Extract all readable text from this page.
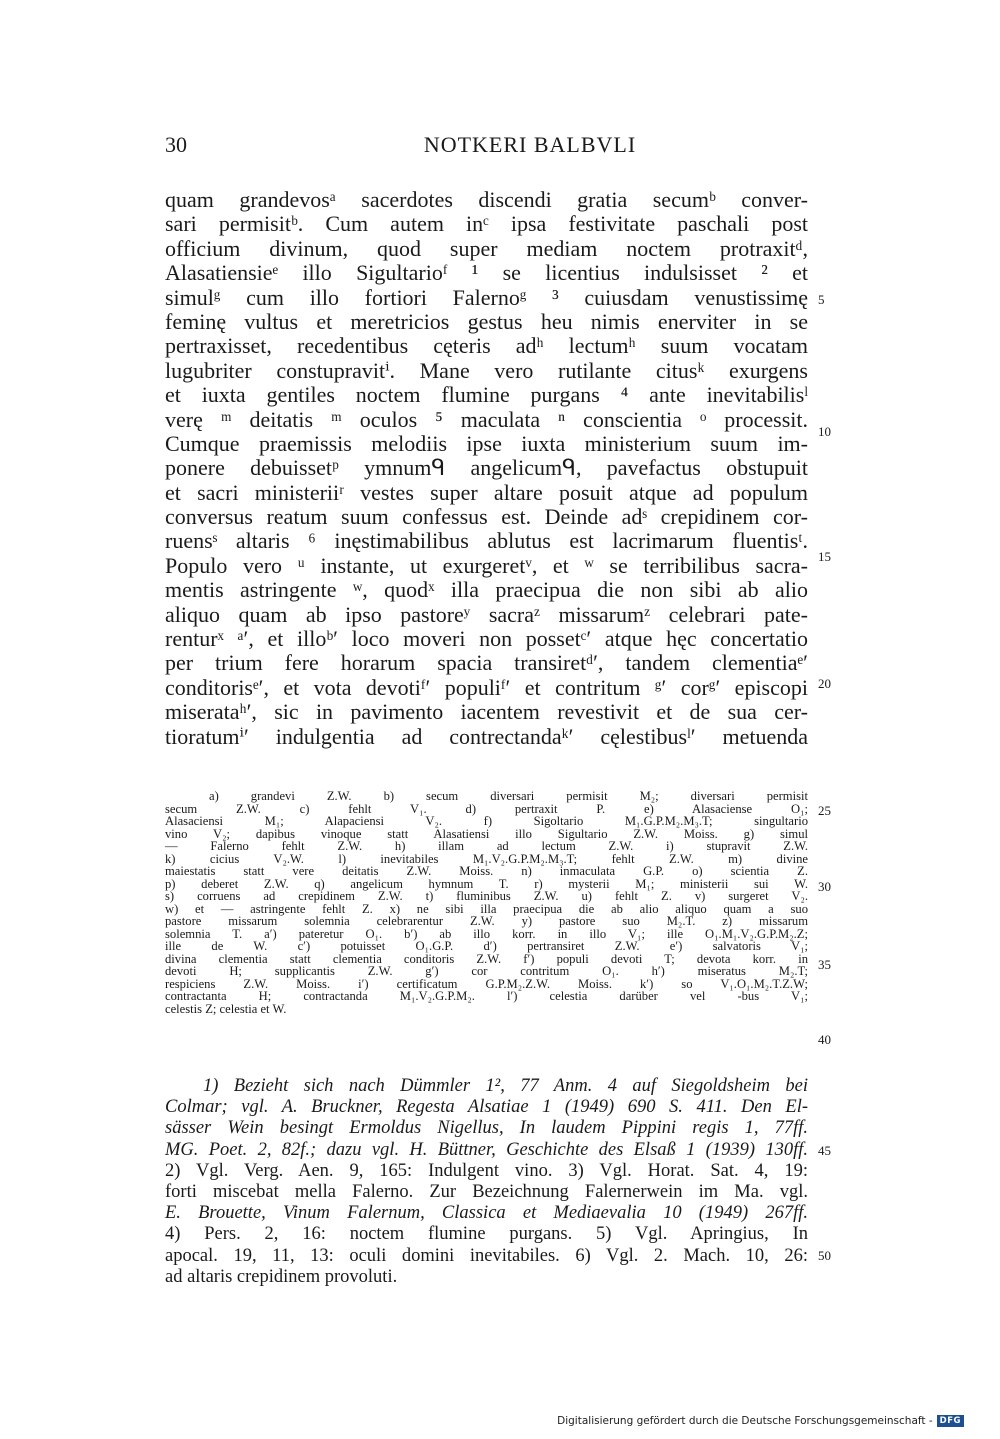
30	NOTKERI BALBVLI
quam grandevosᵃ sacerdotes discendi gratia secumᵇ conver-
sari permisitᵇ. Cum autem inᶜ ipsa festivitate paschali post
officium divinum, quod super mediam noctem protraxitᵈ,
Alasatiensieᵉ illo Sigultarioᶠ ¹ se licentius indulsisset ² et
simulᵍ cum illo fortiori Falernoᵍ ³ cuiusdam venustissimę
feminę vultus et meretricios gestus heu nimis enerviter in se
pertraxisset, recedentibus cęteris adʰ lectumʰ suum vocatam
lugubriter constupravitⁱ. Mane vero rutilante citusᵏ exurgens
et iuxta gentiles noctem flumine purgans ⁴ ante inevitabilisˡ
verę ᵐ deitatis ᵐ oculos ⁵ maculata ⁿ conscientia ᵒ processit.
Cumque praemissis melodiis ipse iuxta ministerium suum im-
ponere debuissetᵖ ymnumᑫ angelicumᑫ, pavefactus obstupuit
et sacri ministeriiʳ vestes super altare posuit atque ad populum
conversus reatum suum confessus est. Deinde adˢ crepidinem cor-
ruensˢ altaris ⁶ inęstimabilibus ablutus est lacrimarum fluentisᵗ.
Populo vero ᵘ instante, ut exurgeretᵛ, et ʷ se terribilibus sacra-
mentis astringente ʷ, quodˣ illa praecipua die non sibi ab alio
aliquo quam ab ipso pastoreʸ sacraᶻ missarumᶻ celebrari pate-
renturˣ ᵃ′, et illoᵇ′ loco moveri non possetᶜ′ atque hęc concertatio
per trium fere horarum spacia transiretᵈ′, tandem clementiaᵉ′
conditorisᵉ′, et vota devotiᶠ′ populiᶠ′ et contritum ᵍ′ corᵍ′ episcopi
miserataʰ′, sic in pavimento iacentem revestivit et de sua cer-
tioratumⁱ′ indulgentia ad contrectandaᵏ′ cęlestibusˡ′ metuenda
5
10
15
20
a) grandevi Z.W. b) secum diversari permisit M₂; diversari permisit
secum Z.W. c) fehlt V₁. d) pertraxit P. e) Alasaciense O₁;
Alasaciensi M₁; Alapaciensi V₂. f) Sigoltario M₁.G.P.M₂.M₃.T; singultario
vino V₂; dapibus vinoque statt Alasatiensi illo Sigultario Z.W. Moiss. g) simul
— Falerno fehlt Z.W. h) illam ad lectum Z.W. i) stupravit Z.W.
k) cicius V₂.W. l) inevitabiles M₁.V₂.G.P.M₂.M₃.T; fehlt Z.W. m) divine
maiestatis statt vere deitatis Z.W. Moiss. n) inmaculata G.P. o) scientia Z.
p) deberet Z.W. q) angelicum hymnum T. r) mysterii M₁; ministerii sui W.
s) corruens ad crepidinem Z.W. t) fluminibus Z.W. u) fehlt Z. v) surgeret V₂.
w) et — astringente fehlt Z. x) ne sibi illa praecipua die ab alio aliquo quam a suo
pastore missarum solemnia celebrarentur Z.W. y) pastore suo M₂.T. z) missarum
solemnia T. a′) pateretur O₁. b′) ab illo korr. in illo V₁; ille O₁.M₁.V₂.G.P.M₂.Z;
ille de W. c′) potuisset O₁.G.P. d′) pertransiret Z.W. e′) salvatoris V₁;
divina clementia statt clementia conditoris Z.W. f′) populi devoti T; devota korr. in
devoti H; supplicantis Z.W. g′) cor contritum O₁. h′) miseratus M₂.T;
respiciens Z.W. Moiss. i′) certificatum G.P.M₂.Z.W. Moiss. k′) so V₁.O₁.M₂.T.Z.W;
contractanta H; contractanda M₁.V₂.G.P.M₂. l′) celestia darüber vel -bus V₁;
celestis Z; celestia et W.
25
30
35
40
1) Bezieht sich nach Dümmler 1², 77 Anm. 4 auf Siegoldsheim bei
Colmar; vgl. A. Bruckner, Regesta Alsatiae 1 (1949) 690 S. 411. Den El-
sässer Wein besingt Ermoldus Nigellus, In laudem Pippini regis 1, 77ff.
MG. Poet. 2, 82f.; dazu vgl. H. Büttner, Geschichte des Elsaß 1 (1939) 130ff.
2) Vgl. Verg. Aen. 9, 165: Indulgent vino. 3) Vgl. Horat. Sat. 4, 19:
forti miscebat mella Falerno. Zur Bezeichnung Falernerwein im Ma. vgl.
E. Brouette, Vinum Falernum, Classica et Mediaevalia 10 (1949) 267ff.
4) Pers. 2, 16: noctem flumine purgans. 5) Vgl. Apringius, In
apocal. 19, 11, 13: oculi domini inevitabiles. 6) Vgl. 2. Mach. 10, 26:
ad altaris crepidinem provoluti.
45
50
Digitalisierung gefördert durch die Deutsche Forschungsgemeinschaft - DFG
